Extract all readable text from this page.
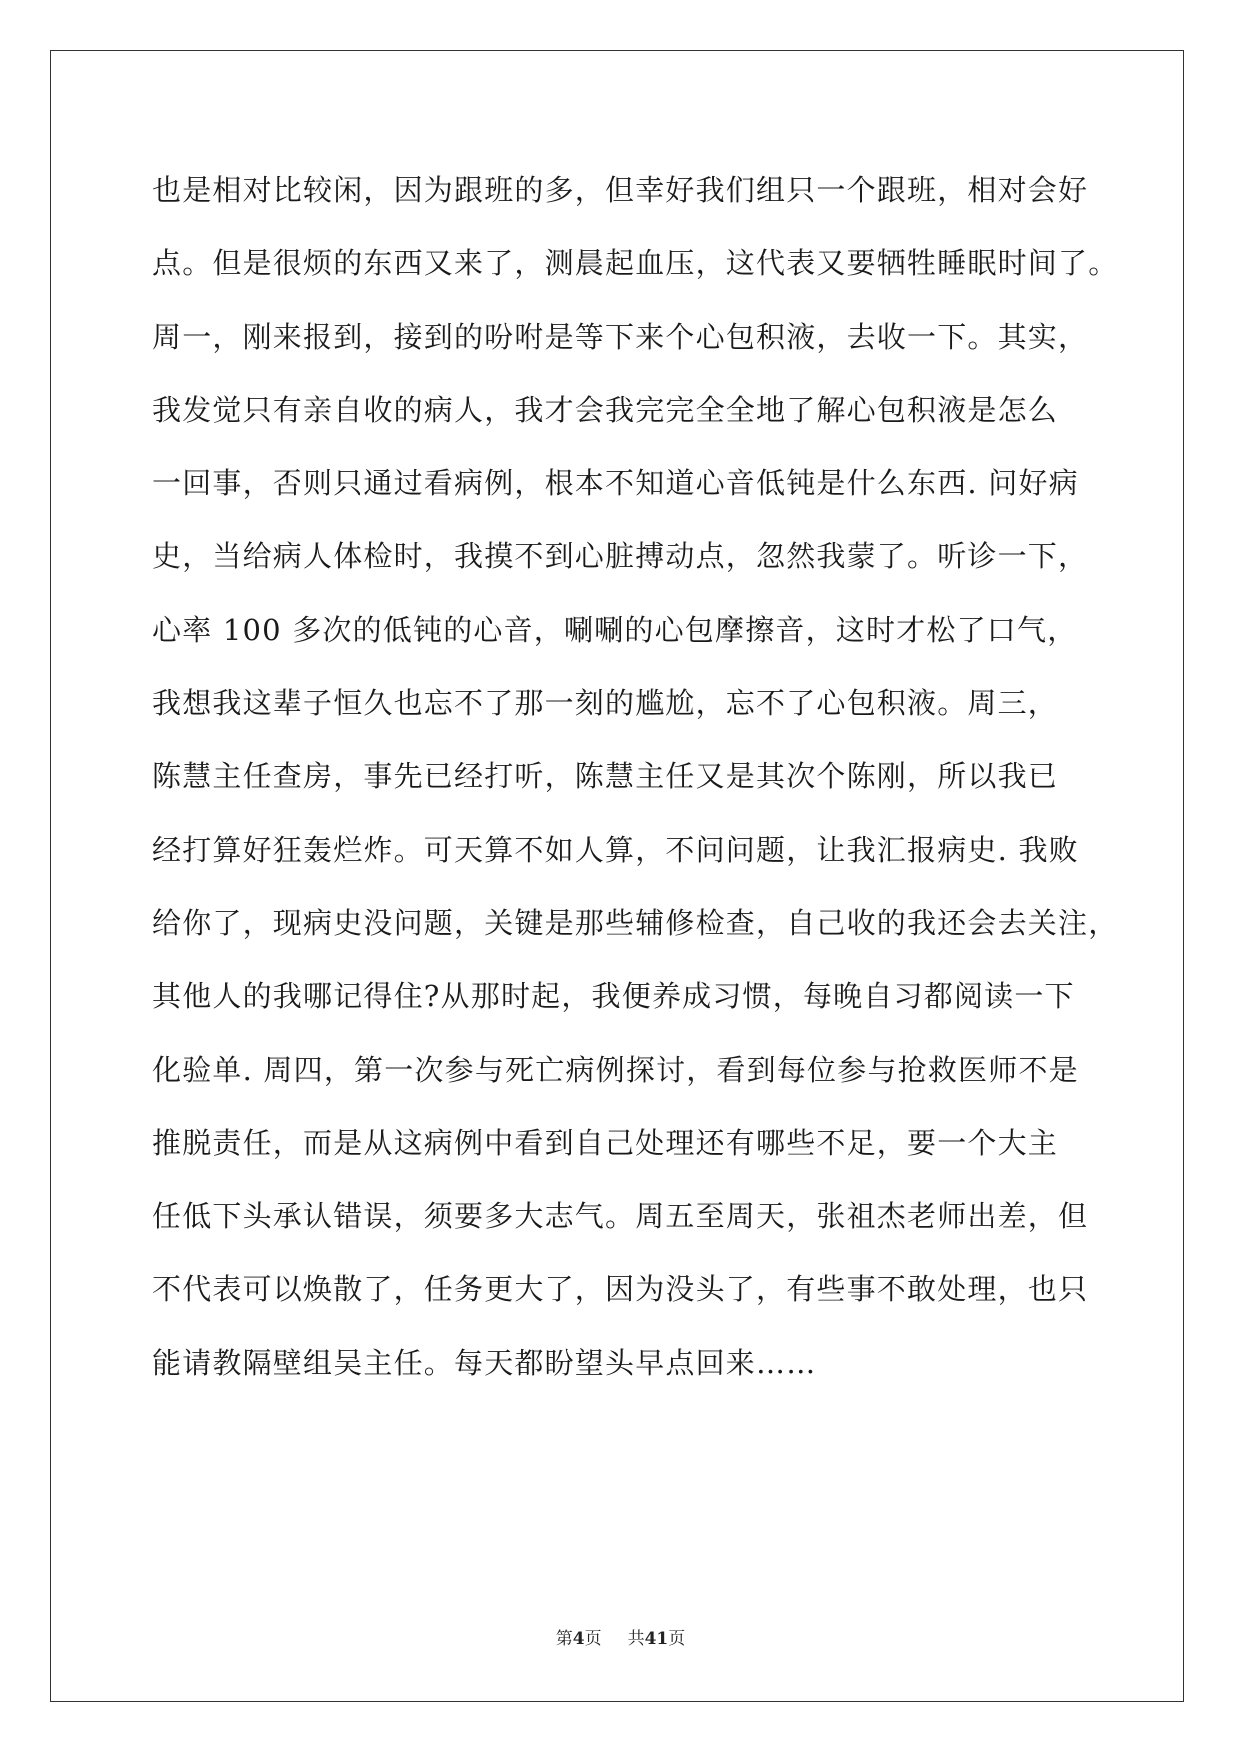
也是相对比较闲，因为跟班的多，但幸好我们组只一个跟班，相对会好
点。但是很烦的东西又来了，测晨起血压，这代表又要牺牲睡眠时间了。
周一，刚来报到，接到的吩咐是等下来个心包积液，去收一下。其实，
我发觉只有亲自收的病人，我才会我完完全全地了解心包积液是怎么
一回事，否则只通过看病例，根本不知道心音低钝是什么东西. 问好病
史，当给病人体检时，我摸不到心脏搏动点，忽然我蒙了。听诊一下，
心率 100 多次的低钝的心音，唰唰的心包摩擦音，这时才松了口气，
我想我这辈子恒久也忘不了那一刻的尴尬，忘不了心包积液。周三，
陈慧主任查房，事先已经打听，陈慧主任又是其次个陈刚，所以我已
经打算好狂轰烂炸。可天算不如人算，不问问题，让我汇报病史. 我败
给你了，现病史没问题，关键是那些辅修检查，自己收的我还会去关注，
其他人的我哪记得住?从那时起，我便养成习惯，每晚自习都阅读一下
化验单. 周四，第一次参与死亡病例探讨，看到每位参与抢救医师不是
推脱责任，而是从这病例中看到自己处理还有哪些不足，要一个大主
任低下头承认错误，须要多大志气。周五至周天，张祖杰老师出差，但
不代表可以焕散了，任务更大了，因为没头了，有些事不敢处理，也只
能请教隔壁组吴主任。每天都盼望头早点回来……
第4页 共41页
